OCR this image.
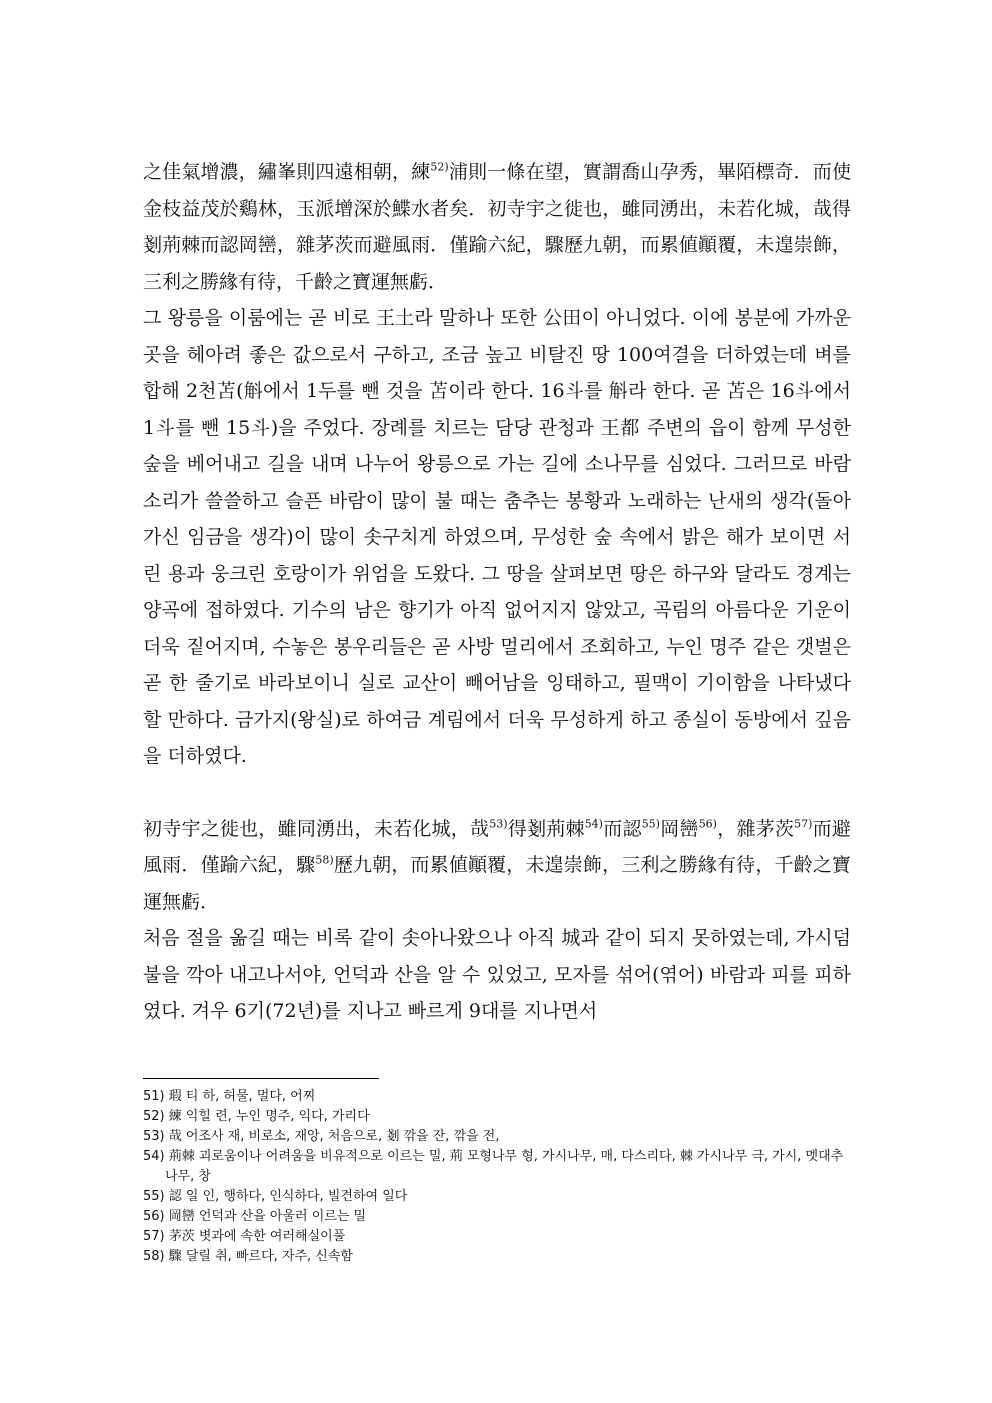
之佳氣增濃，繡峯則四遠相朝，練$^{52)}$浦則一條在望，實謂喬山孕秀，畢陌標奇．而使金枝益茂於鷄林，玉派增深於鰈水者矣．初寺宇之徙也，雖同湧出，未若化城，哉得剗荊棘而認岡巒，雜茅茨而避風雨．僅踰六紀，驟歷九朝，而累値顚覆，未遑崇飾，三利之勝緣有待，千齡之寶運無虧．

그 왕릉을 이룸에는 곧 비로 王土라 말하나 또한 公田이 아니었다. 이에 봉분에 가까운 곳을 헤아려 좋은 값으로서 구하고, 조금 높고 비탈진 땅 100여결을 더하였는데 벼를 합해 2천苫(斛에서 1두를 뺀 것을 苫이라 한다. 16斗를 斛라 한다. 곧 苫은 16斗에서 1斗를 뺀 15斗)을 주었다. 장례를 치르는 담당 관청과 王都 주변의 읍이 함께 무성한 숲을 베어내고 길을 내며 나누어 왕릉으로 가는 길에 소나무를 심었다. 그러므로 바람 소리가 쓸쓸하고 슬픈 바람이 많이 불 때는 춤추는 봉황과 노래하는 난새의 생각(돌아가신 임금을 생각)이 많이 솟구치게 하였으며, 무성한 숲 속에서 밝은 해가 보이면 서린 용과 웅크린 호랑이가 위엄을 도왔다. 그 땅을 살펴보면 땅은 하구와 달라도 경계는 양곡에 접하였다. 기수의 남은 향기가 아직 없어지지 않았고, 곡림의 아름다운 기운이 더욱 짙어지며, 수놓은 봉우리들은 곧 사방 멀리에서 조회하고, 누인 명주 같은 갯벌은 곧 한 줄기로 바라보이니 실로 교산이 빼어남을 잉태하고, 필맥이 기이함을 나타냈다 할 만하다. 금가지(왕실)로 하여금 계림에서 더욱 무성하게 하고 종실이 동방에서 깊음을 더하였다.

初寺宇之徙也，雖同湧出，未若化城，哉$^{53)}$得剗荊棘$^{54)}$而認$^{55)}$岡巒$^{56)}$，雜茅茨$^{57)}$而避風雨．僅踰六紀，驟$^{58)}$歷九朝，而累値顚覆，未遑崇飾，三利之勝緣有待，千齡之寶運無虧．

처음 절을 옮길 때는 비록 같이 솟아나왔으나 아직 城과 같이 되지 못하였는데, 가시덤불을 깍아 내고나서야, 언덕과 산을 알 수 있었고, 모자를 섞어(엮어) 바람과 피를 피하였다. 겨우 6기(72년)를 지나고 빠르게 9대를 지나면서

51) 瑕 티 하, 허물, 멀다, 어찌
52) 練 익힐 련, 누인 명주, 익다, 가리다
53) 哉 어조사 재, 비로소, 재앙, 처음으로, 剗 깎을 잔, 깎을 전,
54) 荊棘 괴로움이나 어려움을 비유적으로 이르는 밀, 荊 모형나무 형, 가시나무, 매, 다스리다, 棘 가시나무 극, 가시, 멧대추나무, 창
55) 認 일 인, 행하다, 인식하다, 빌견하여 일다
56) 岡巒 언덕과 산을 아울러 이르는 밀
57) 茅茨 볏과에 속한 여러해실이풀
58) 驟 달릴 취, 빠르다, 자주, 신속함
